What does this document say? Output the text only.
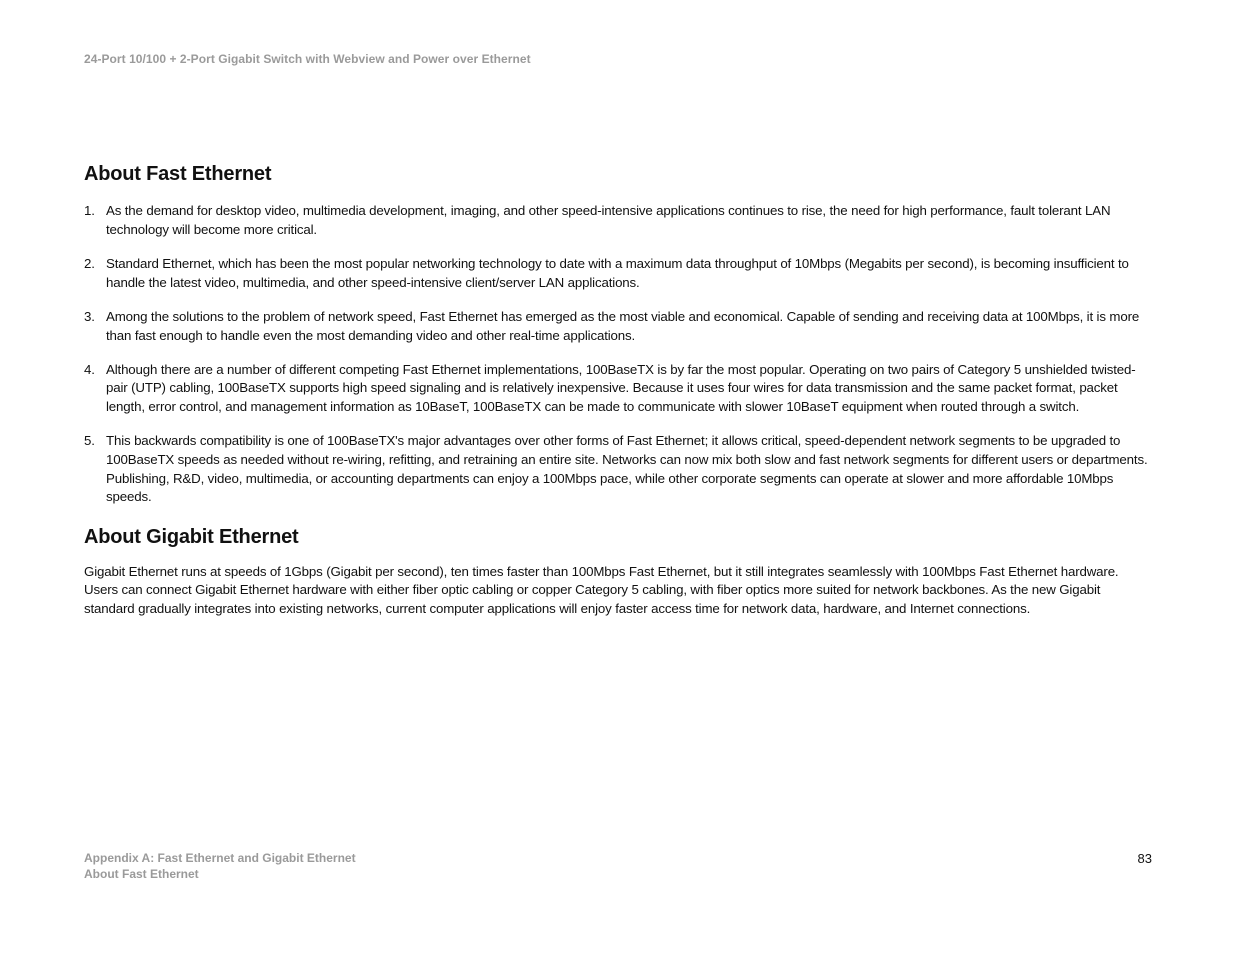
24-Port 10/100 + 2-Port Gigabit Switch with Webview and Power over Ethernet
About Fast Ethernet
1. As the demand for desktop video, multimedia development, imaging, and other speed-intensive applications continues to rise, the need for high performance, fault tolerant LAN technology will become more critical.
2. Standard Ethernet, which has been the most popular networking technology to date with a maximum data throughput of 10Mbps (Megabits per second), is becoming insufficient to handle the latest video, multimedia, and other speed-intensive client/server LAN applications.
3. Among the solutions to the problem of network speed, Fast Ethernet has emerged as the most viable and economical. Capable of sending and receiving data at 100Mbps, it is more than fast enough to handle even the most demanding video and other real-time applications.
4. Although there are a number of different competing Fast Ethernet implementations, 100BaseTX is by far the most popular. Operating on two pairs of Category 5 unshielded twisted-pair (UTP) cabling, 100BaseTX supports high speed signaling and is relatively inexpensive. Because it uses four wires for data transmission and the same packet format, packet length, error control, and management information as 10BaseT, 100BaseTX can be made to communicate with slower 10BaseT equipment when routed through a switch.
5. This backwards compatibility is one of 100BaseTX's major advantages over other forms of Fast Ethernet; it allows critical, speed-dependent network segments to be upgraded to 100BaseTX speeds as needed without re-wiring, refitting, and retraining an entire site. Networks can now mix both slow and fast network segments for different users or departments. Publishing, R&D, video, multimedia, or accounting departments can enjoy a 100Mbps pace, while other corporate segments can operate at slower and more affordable 10Mbps speeds.
About Gigabit Ethernet

Gigabit Ethernet runs at speeds of 1Gbps (Gigabit per second), ten times faster than 100Mbps Fast Ethernet, but it still integrates seamlessly with 100Mbps Fast Ethernet hardware. Users can connect Gigabit Ethernet hardware with either fiber optic cabling or copper Category 5 cabling, with fiber optics more suited for network backbones. As the new Gigabit standard gradually integrates into existing networks, current computer applications will enjoy faster access time for network data, hardware, and Internet connections.

Appendix A: Fast Ethernet and Gigabit Ethernet
About Fast Ethernet
83
